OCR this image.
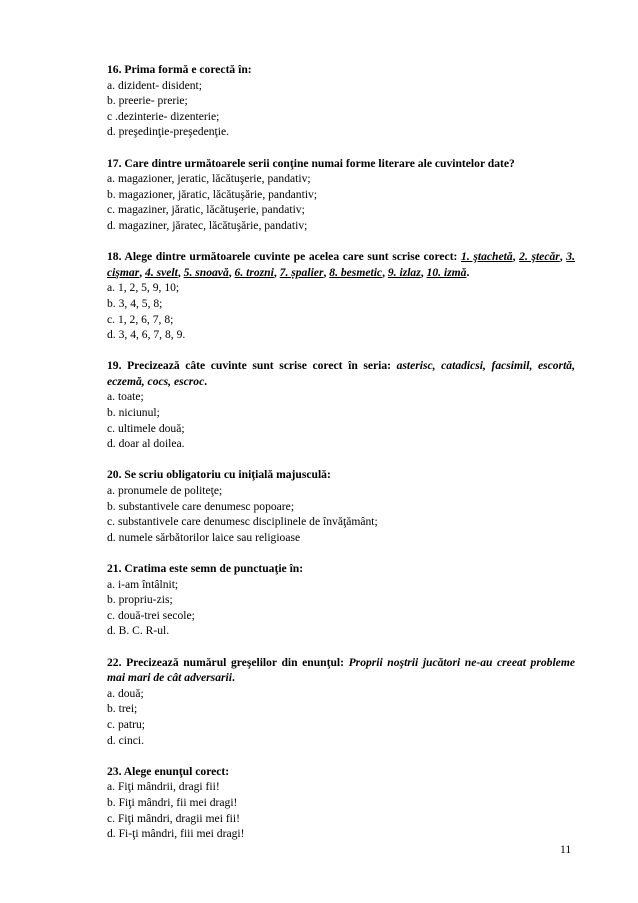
16. Prima formă e corectă în:
a. dizident- disident;
b. preerie- prerie;
c .dezinterie- dizenterie;
d. preşedinţie-preşedenţie.
17. Care dintre următoarele serii conţine numai forme literare ale cuvintelor date?
a. magazioner, jeratic, lăcătuşerie, pandativ;
b. magazioner, jăratic, lăcătuşărie, pandantiv;
c. magaziner, jăratic, lăcătuşerie, pandativ;
d. magaziner, jăratec, lăcătuşărie, pandativ;
18. Alege dintre următoarele cuvinte pe acelea care sunt scrise corect: 1. ştachetă, 2. ştecăr, 3. cişmar, 4. svelt, 5. snoavă, 6. trozni, 7. ṣpalier, 8. besmetic, 9. izlaz, 10. izmă.
a. 1, 2, 5, 9, 10;
b. 3, 4, 5, 8;
c. 1, 2, 6, 7, 8;
d. 3, 4, 6, 7, 8, 9.
19. Precizează câte cuvinte sunt scrise corect în seria: asterisc, catadicsi, facsimil, escortă, eczemă, cocs, escroc.
a. toate;
b. niciunul;
c. ultimele două;
d. doar al doilea.
20. Se scriu obligatoriu cu iniţială majusculă:
a. pronumele de politeţe;
b. substantivele care denumesc popoare;
c. substantivele care denumesc disciplinele de învăţământ;
d. numele sărbătorilor laice sau religioase
21. Cratima este semn de punctuaţie în:
a. i-am întâlnit;
b. propriu-zis;
c. două-trei secole;
d. B. C. R-ul.
22. Precizează numărul greşelilor din enunţul: Proprii noştrii jucători ne-au creeat probleme mai mari de cât adversarii.
a. două;
b. trei;
c. patru;
d. cinci.
23. Alege enunţul corect:
a. Fiţi mândrii, dragi fii!
b. Fiţi mândri, fii mei dragi!
c. Fiţi mândri, dragii mei fii!
d. Fi-ţi mândri, fiii mei dragi!
11
